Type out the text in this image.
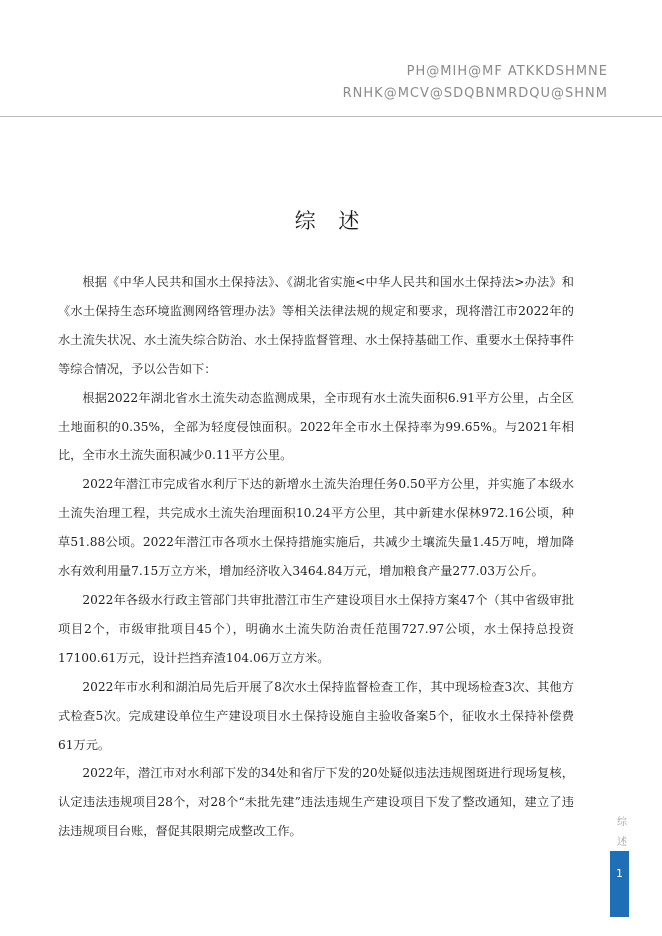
PH@MIH@MF ATKKDSHMNE
RNHK@MCV@SDQBNMRDQU@SHNM
综 述

根据《中华人民共和国水土保持法》、《湖北省实施<中华人民共和国水土保持法>办法》和《水土保持生态环境监测网络管理办法》等相关法律法规的规定和要求，现将潜江市2022年的水土流失状况、水土流失综合防治、水土保持监督管理、水土保持基础工作、重要水土保持事件等综合情况，予以公告如下：

根据2022年湖北省水土流失动态监测成果，全市现有水土流失面积6.91平方公里，占全区土地面积的0.35%，全部为轻度侵蚀面积。2022年全市水土保持率为99.65%。与2021年相比，全市水土流失面积减少0.11平方公里。

2022年潜江市完成省水利厅下达的新增水土流失治理任务0.50平方公里，并实施了本级水土流失治理工程，共完成水土流失治理面积10.24平方公里，其中新建水保林972.16公顷，种草51.88公顷。2022年潜江市各项水土保持措施实施后，共减少土壤流失量1.45万吨，增加降水有效利用量7.15万立方米，增加经济收入3464.84万元，增加粮食产量277.03万公斤。

2022年各级水行政主管部门共审批潜江市生产建设项目水土保持方案47个（其中省级审批项目2个，市级审批项目45个），明确水土流失防治责任范围727.97公顷，水土保持总投资17100.61万元，设计拦挡弃渣104.06万立方米。

2022年市水利和湖泊局先后开展了8次水土保持监督检查工作，其中现场检查3次、其他方式检查5次。完成建设单位生产建设项目水土保持设施自主验收备案5个，征收水土保持补偿费61万元。

2022年，潜江市对水利部下发的34处和省厅下发的20处疑似违法违规图斑进行现场复核，认定违法违规项目28个，对28个“未批先建”违法违规生产建设项目下发了整改通知，建立了违法违规项目台账，督促其限期完成整改工作。

综
述
1
